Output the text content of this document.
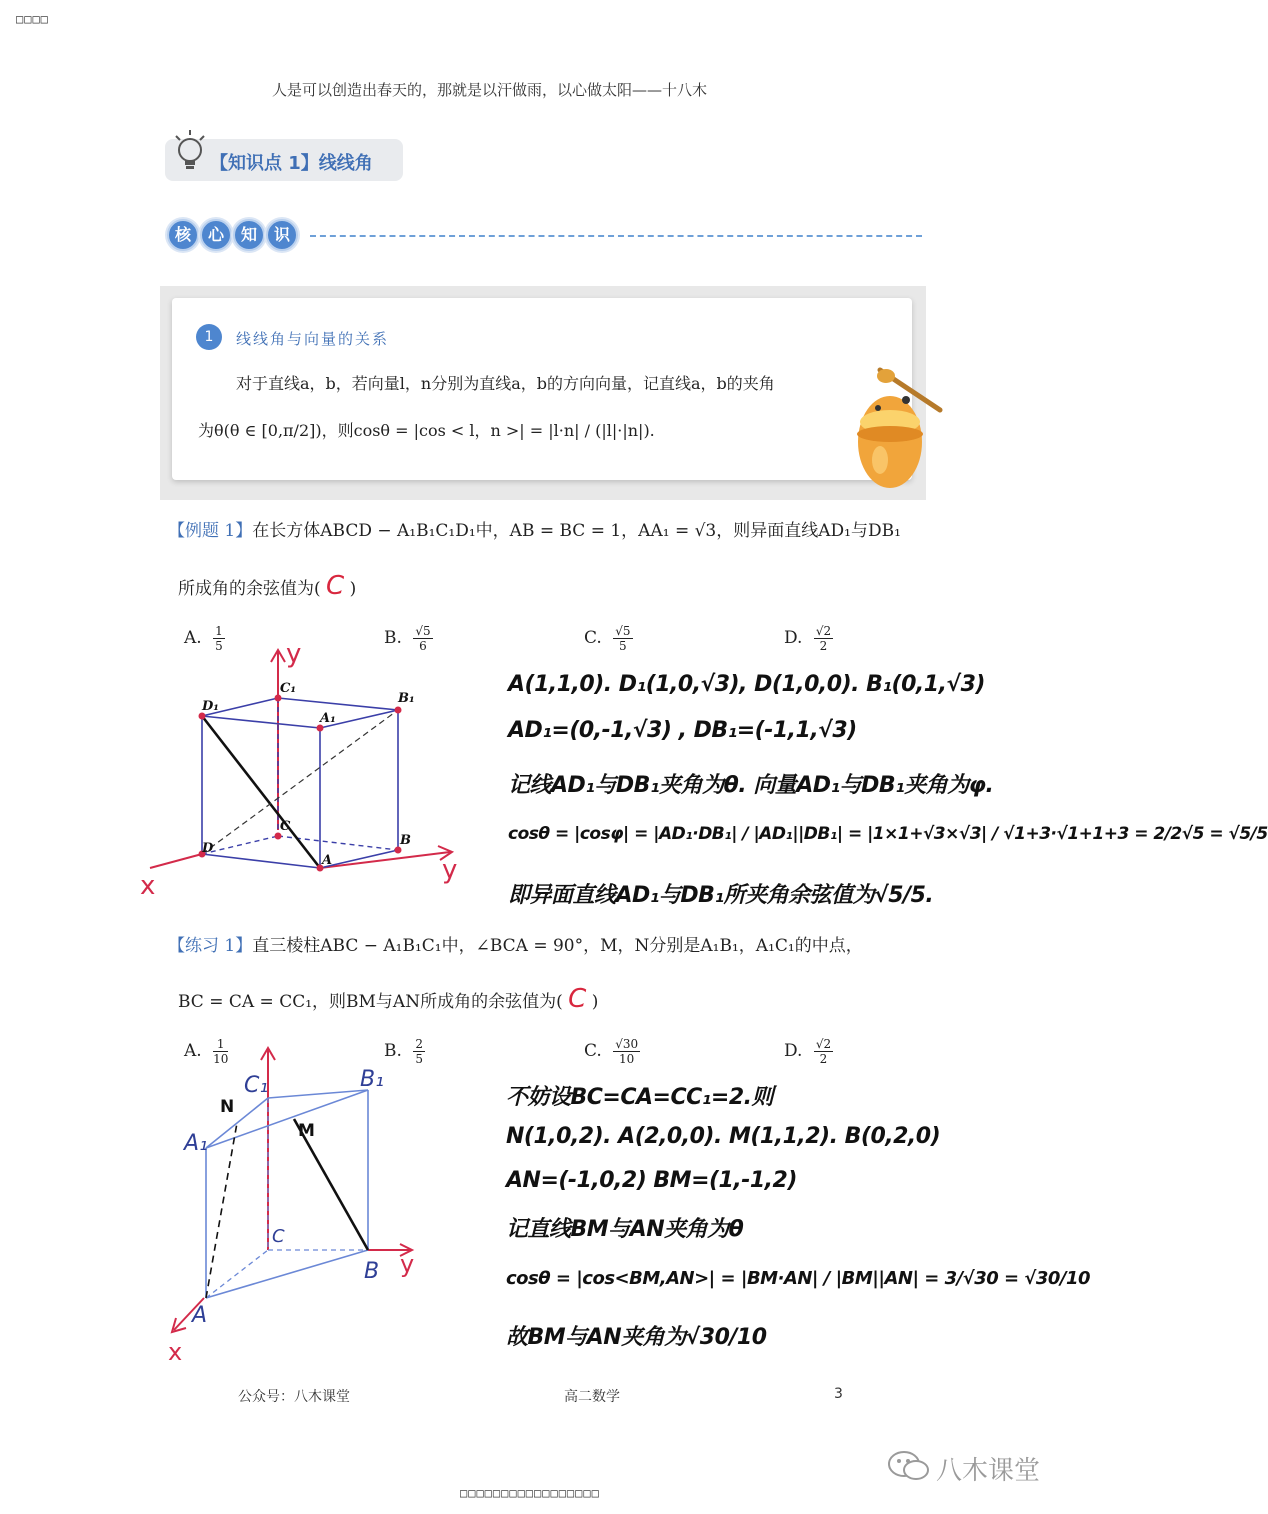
□□□□
人是可以创造出春天的，那就是以汗做雨，以心做太阳——十八木
【知识点 1】线线角
核	心	知	识
1	线线角与向量的关系
对于直线a，b，若向量l，n分别为直线a，b的方向向量，记直线a，b的夹角
为θ(θ ∈ [0,π/2])，则cosθ = |cos < l，n >| = |l·n| / (|l|·|n|).
【例题 1】在长方体ABCD − A₁B₁C₁D₁中，AB = BC = 1，AA₁ = √3，则异面直线AD₁与DB₁
所成角的余弦值为( C )
A. $\frac{1}{5}$	B. $\frac{√5}{6}$	C. $\frac{√5}{5}$	D. $\frac{√2}{2}$
C₁
D₁
A₁
B₁
D
C
A
B
y
y
x
A(1,1,0). D₁(1,0,√3), D(1,0,0). B₁(0,1,√3)
AD₁=(0,-1,√3) , DB₁=(-1,1,√3)
记线AD₁与DB₁夹角为θ. 向量AD₁与DB₁夹角为φ.
cosθ = |cosφ| = |AD₁·DB₁| / |AD₁||DB₁| = |1×1+√3×√3| / √1+3·√1+1+3 = 2/2√5 = √5/5
即异面直线AD₁与DB₁所夹角余弦值为√5/5.
【练习 1】直三棱柱ABC − A₁B₁C₁中，∠BCA = 90°，M，N分别是A₁B₁，A₁C₁的中点，
BC = CA = CC₁，则BM与AN所成角的余弦值为( C )
A. $\frac{1}{10}$	B. $\frac{2}{5}$	C. $\frac{√30}{10}$	D. $\frac{√2}{2}$
C₁	B₁
A₁
C
B
A
N
M
y
x
不妨设BC=CA=CC₁=2.则
N(1,0,2). A(2,0,0). M(1,1,2). B(0,2,0)
AN=(-1,0,2) BM=(1,-1,2)
记直线BM与AN夹角为θ
cosθ = |cos<BM,AN>| = |BM·AN| / |BM||AN| = 3/√30 = √30/10
故BM与AN夹角为√30/10
公众号：八木课堂	高二数学	3
八木课堂
□□□□□□□□□□□□□□□□□
